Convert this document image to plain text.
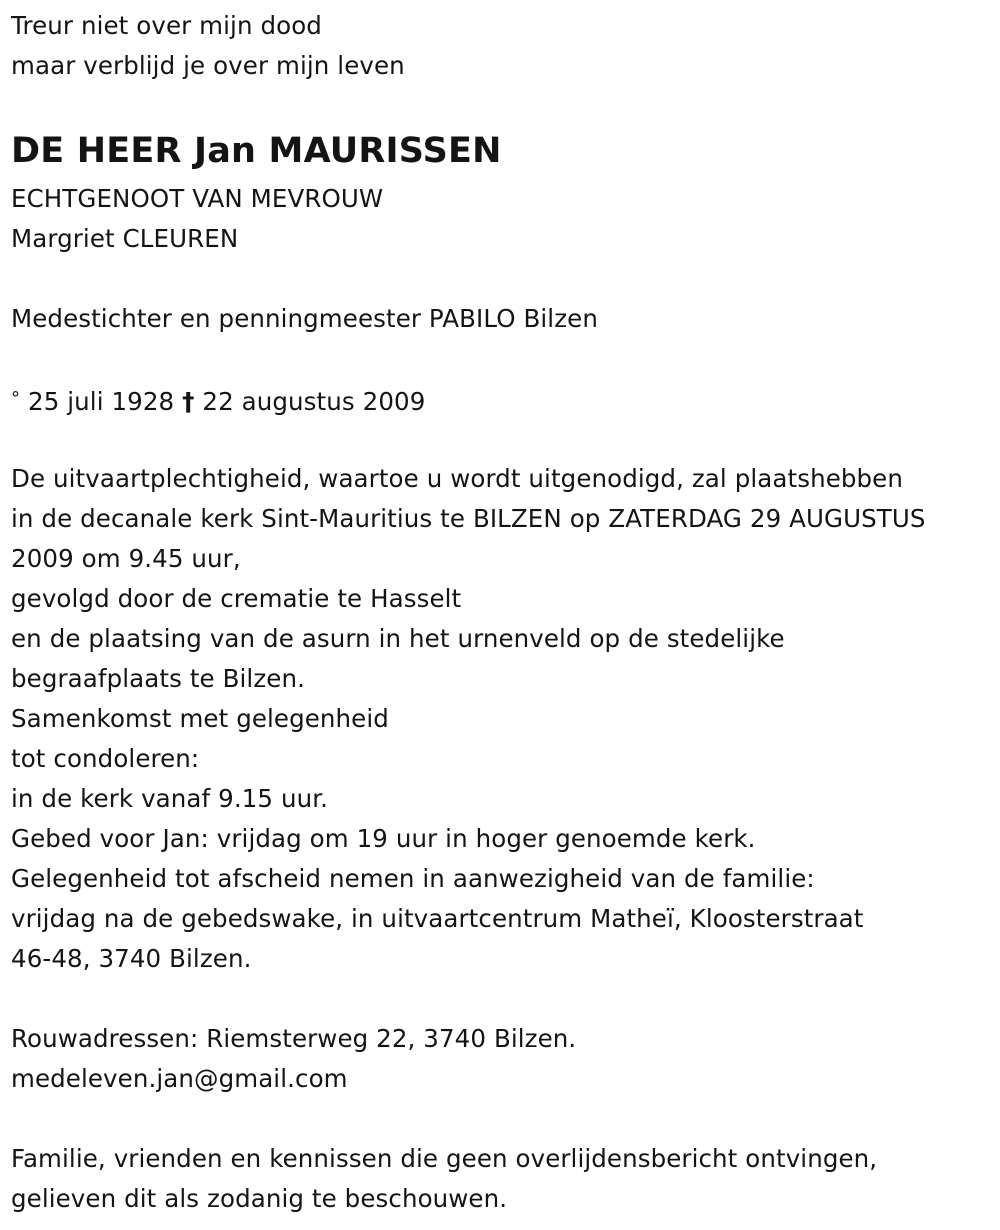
Treur niet over mijn dood
maar verblijd je over mijn leven
DE HEER Jan MAURISSEN
ECHTGENOOT VAN MEVROUW
Margriet CLEUREN
Medestichter en penningmeester PABILO Bilzen
° 25 juli 1928 † 22 augustus 2009
De uitvaartplechtigheid, waartoe u wordt uitgenodigd, zal plaatshebben
in de decanale kerk Sint-Mauritius te BILZEN op ZATERDAG 29 AUGUSTUS
2009 om 9.45 uur,
gevolgd door de crematie te Hasselt
en de plaatsing van de asurn in het urnenveld op de stedelijke
begraafplaats te Bilzen.
Samenkomst met gelegenheid
tot condoleren:
in de kerk vanaf 9.15 uur.
Gebed voor Jan: vrijdag om 19 uur in hoger genoemde kerk.
Gelegenheid tot afscheid nemen in aanwezigheid van de familie:
vrijdag na de gebedswake, in uitvaartcentrum Matheï, Kloosterstraat
46-48, 3740 Bilzen.
Rouwadressen: Riemsterweg 22, 3740 Bilzen.
medeleven.jan@gmail.com
Familie, vrienden en kennissen die geen overlijdensbericht ontvingen,
gelieven dit als zodanig te beschouwen.
